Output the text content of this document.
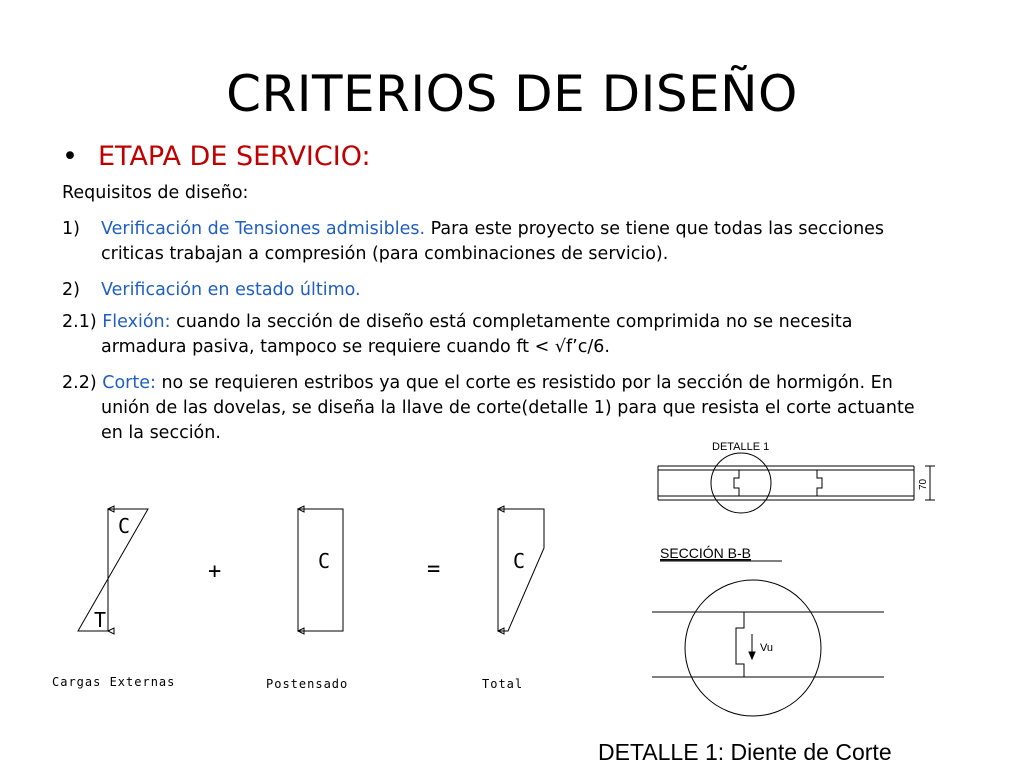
CRITERIOS DE DISEÑO
• ETAPA DE SERVICIO:
Requisitos de diseño:
1) Verificación de Tensiones admisibles. Para este proyecto se tiene que todas las secciones
criticas trabajan a compresión (para combinaciones de servicio).
2) Verificación en estado último.
2.1) Flexión: cuando la sección de diseño está completamente comprimida no se necesita
armadura pasiva, tampoco se requiere cuando ft < √f’c/6.
2.2) Corte: no se requieren estribos ya que el corte es resistido por la sección de hormigón. En
unión de las dovelas, se diseña la llave de corte(detalle 1) para que resista el corte actuante
en la sección.
C
T
Cargas Externas
+	C
Postensado
=	C
Total
DETALLE 1
70
SECCIÓN B-B
Vu
DETALLE 1: Diente de Corte
